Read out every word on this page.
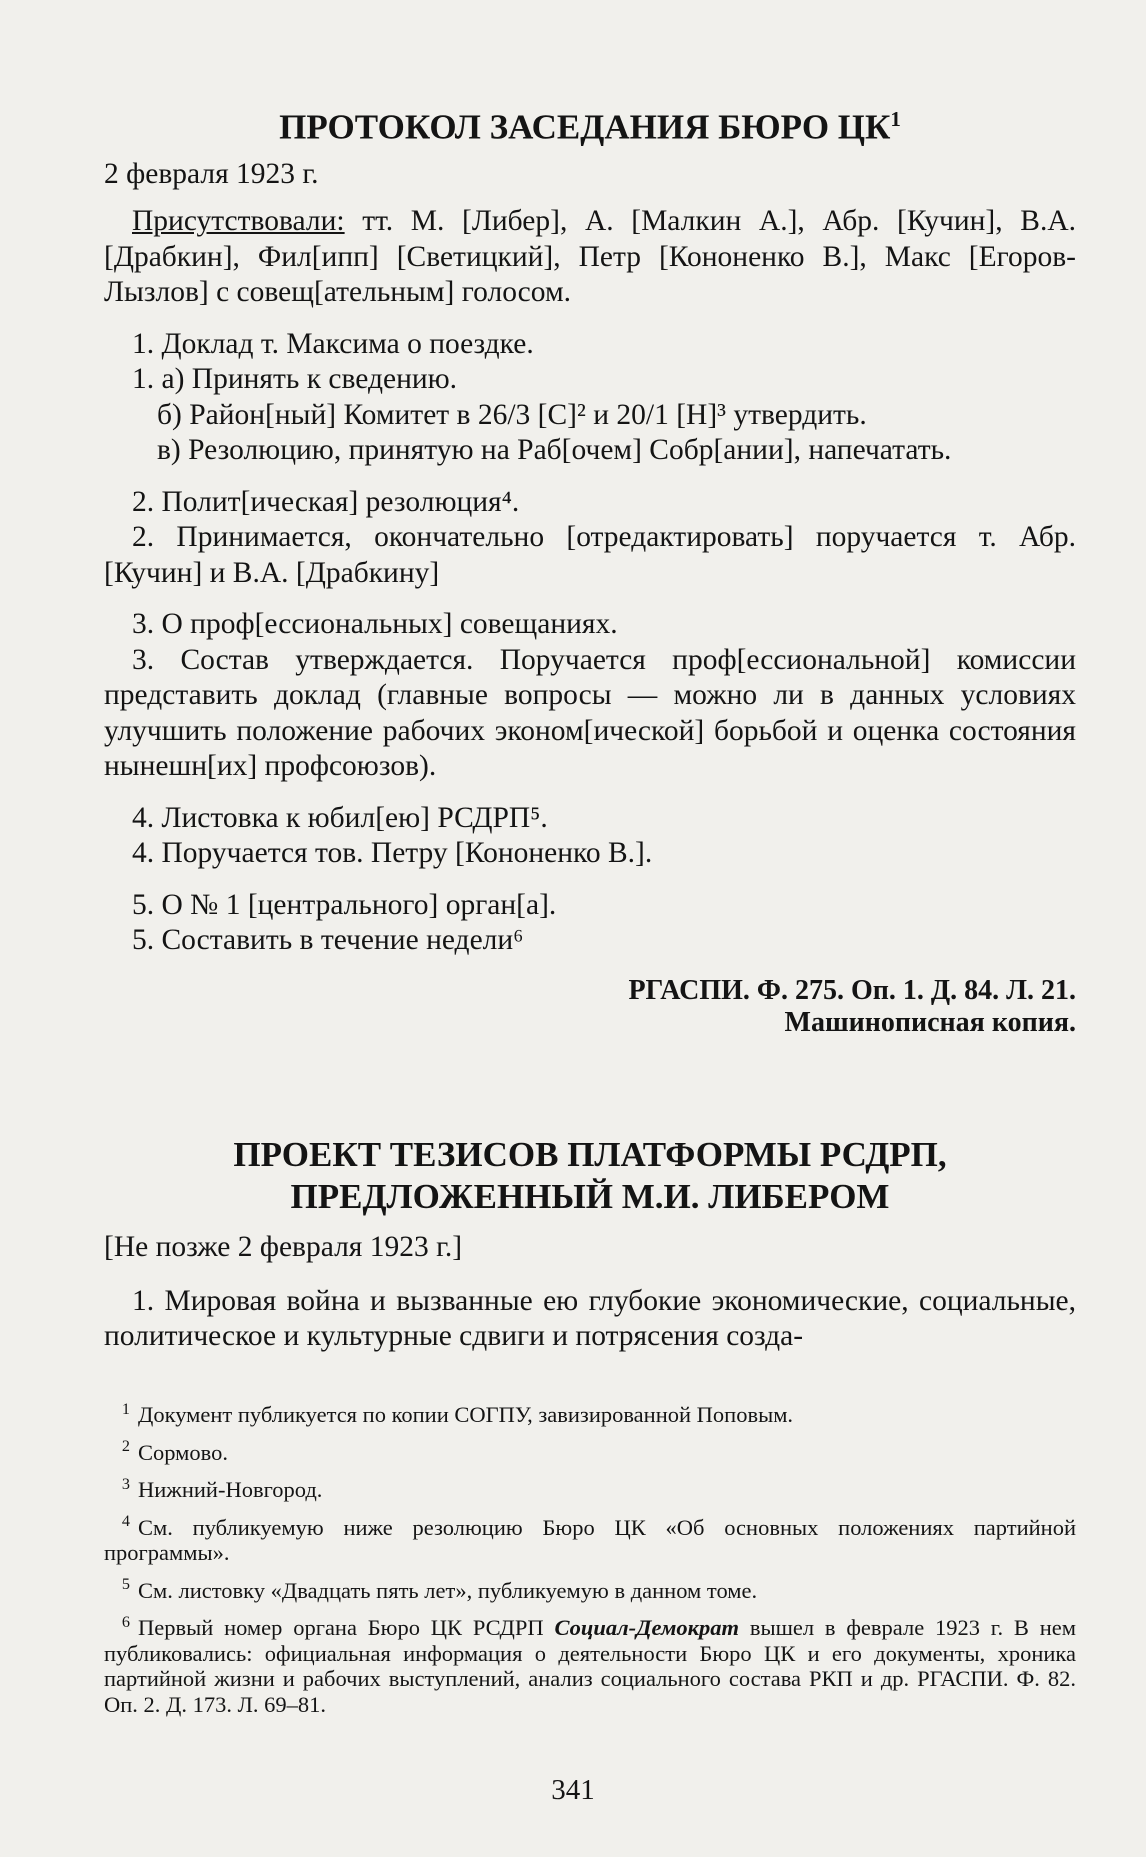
ПРОТОКОЛ ЗАСЕДАНИЯ БЮРО $ЦК^1$

2 февраля 1923 г.

Присутствовали: тт. М. [Либер], А. [Малкин А.], Абр. [Кучин], В.А. [Драбкин], Фил[ипп] [Светицкий], Петр [Кононенко В.], Макс [Егоров-Лызлов] с совещ[ательным] голосом.

1. Доклад т. Максима о поездке.

1. а) Принять к сведению.

б) Район[ный] Комитет в 26/3 [С]² и 20/1 [Н]³ утвердить.

в) Резолюцию, принятую на Раб[очем] Собр[ании], напечатать.

2. Полит[ическая] резолюция⁴.

2. Принимается, окончательно [отредактировать] поручается т. Абр. [Кучин] и В.А. [Драбкину]

3. О проф[ессиональных] совещаниях.

3. Состав утверждается. Поручается проф[ессиональной] комиссии представить доклад (главные вопросы — можно ли в данных условиях улучшить положение рабочих эконом[ической] борьбой и оценка состояния нынешн[их] профсоюзов).

4. Листовка к юбил[ею] РСДРП⁵.

4. Поручается тов. Петру [Кононенко В.].

5. О № 1 [центрального] орган[а].

5. Составить в течение недели⁶

РГАСПИ. Ф. 275. Оп. 1. Д. 84. Л. 21.
Машинописная копия.
ПРОЕКТ ТЕЗИСОВ ПЛАТФОРМЫ РСДРП,
ПРЕДЛОЖЕННЫЙ М.И. ЛИБЕРОМ

[Не позже 2 февраля 1923 г.]

1. Мировая война и вызванные ею глубокие экономические, социальные, политическое и культурные сдвиги и потрясения созда-

1 Документ публикуется по копии СОГПУ, завизированной Поповым.

2 Сормово.

3 Нижний-Новгород.

4 См. публикуемую ниже резолюцию Бюро ЦК «Об основных положениях партийной программы».

5 См. листовку «Двадцать пять лет», публикуемую в данном томе.

6 Первый номер органа Бюро ЦК РСДРП Социал-Демократ вышел в феврале 1923 г. В нем публиковались: официальная информация о деятельности Бюро ЦК и его документы, хроника партийной жизни и рабочих выступлений, анализ социального состава РКП и др. РГАСПИ. Ф. 82. Оп. 2. Д. 173. Л. 69–81.

341
